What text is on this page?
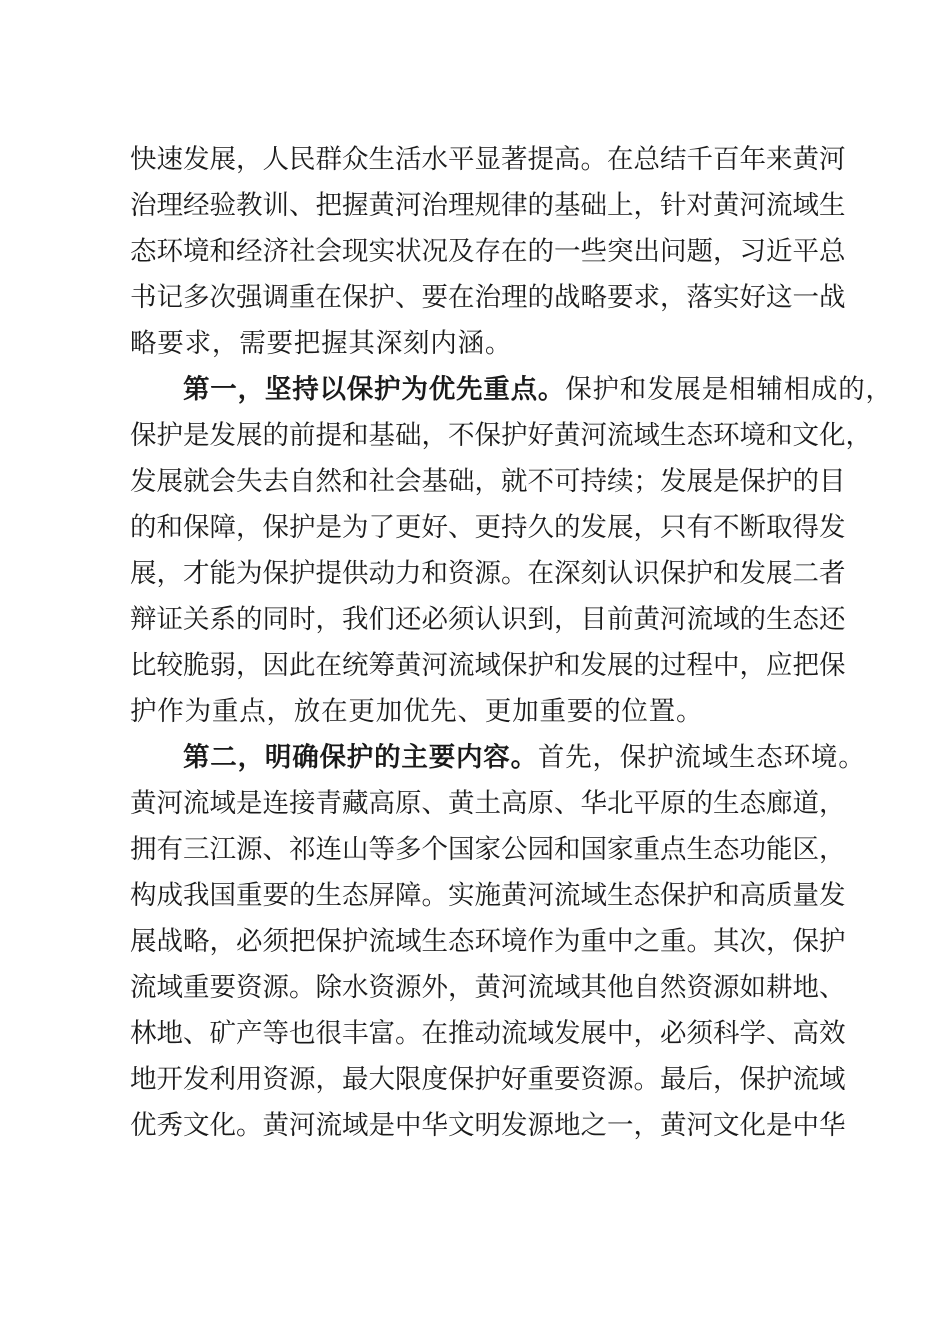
快速发展，人民群众生活水平显著提高。在总结千百年来黄河
治理经验教训、把握黄河治理规律的基础上，针对黄河流域生
态环境和经济社会现实状况及存在的一些突出问题，习近平总
书记多次强调重在保护、要在治理的战略要求，落实好这一战
略要求，需要把握其深刻内涵。
第一，坚持以保护为优先重点。保护和发展是相辅相成的，
保护是发展的前提和基础，不保护好黄河流域生态环境和文化，
发展就会失去自然和社会基础，就不可持续；发展是保护的目
的和保障，保护是为了更好、更持久的发展，只有不断取得发
展，才能为保护提供动力和资源。在深刻认识保护和发展二者
辩证关系的同时，我们还必须认识到，目前黄河流域的生态还
比较脆弱，因此在统筹黄河流域保护和发展的过程中，应把保
护作为重点，放在更加优先、更加重要的位置。
第二，明确保护的主要内容。首先，保护流域生态环境。
黄河流域是连接青藏高原、黄土高原、华北平原的生态廊道，
拥有三江源、祁连山等多个国家公园和国家重点生态功能区，
构成我国重要的生态屏障。实施黄河流域生态保护和高质量发
展战略，必须把保护流域生态环境作为重中之重。其次，保护
流域重要资源。除水资源外，黄河流域其他自然资源如耕地、
林地、矿产等也很丰富。在推动流域发展中，必须科学、高效
地开发利用资源，最大限度保护好重要资源。最后，保护流域
优秀文化。黄河流域是中华文明发源地之一，黄河文化是中华
